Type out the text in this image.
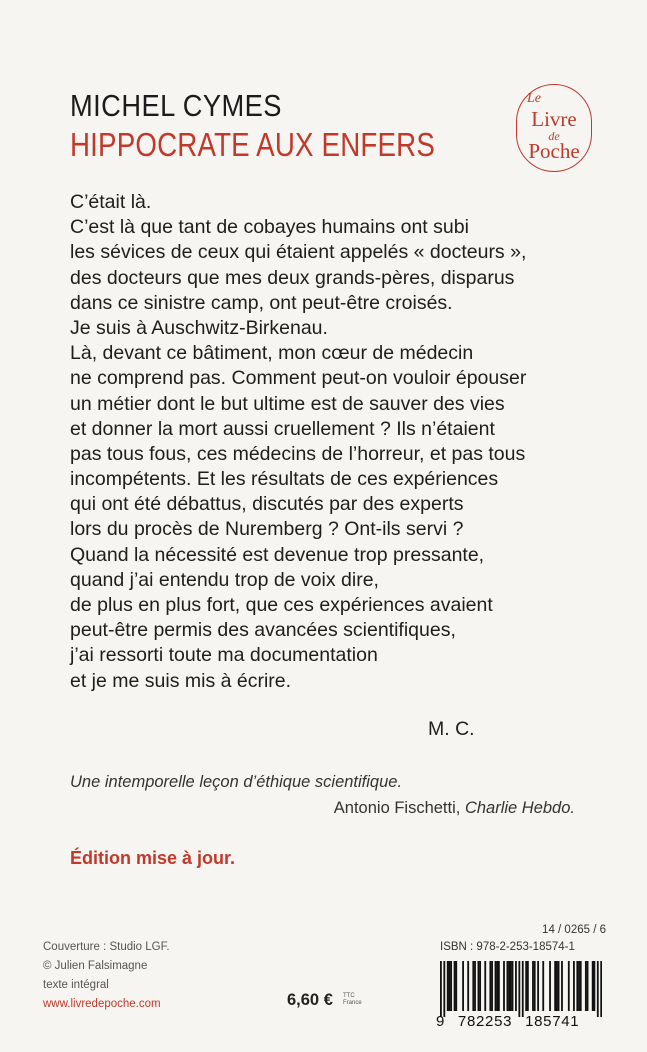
MICHEL CYMES
HIPPOCRATE AUX ENFERS
Le
Livre
de
Poche
C’était là.
C’est là que tant de cobayes humains ont subi
les sévices de ceux qui étaient appelés « docteurs »,
des docteurs que mes deux grands-pères, disparus
dans ce sinistre camp, ont peut-être croisés.
Je suis à Auschwitz-Birkenau.
Là, devant ce bâtiment, mon cœur de médecin
ne comprend pas. Comment peut-on vouloir épouser
un métier dont le but ultime est de sauver des vies
et donner la mort aussi cruellement ? Ils n’étaient
pas tous fous, ces médecins de l’horreur, et pas tous
incompétents. Et les résultats de ces expériences
qui ont été débattus, discutés par des experts
lors du procès de Nuremberg ? Ont-ils servi ?
Quand la nécessité est devenue trop pressante,
quand j’ai entendu trop de voix dire,
de plus en plus fort, que ces expériences avaient
peut-être permis des avancées scientifiques,
j’ai ressorti toute ma documentation
et je me suis mis à écrire.
M. C.
Une intemporelle leçon d’éthique scientifique.
Antonio Fischetti, Charlie Hebdo.
Édition mise à jour.
Couverture : Studio LGF.
© Julien Falsimagne
texte intégral
www.livredepoche.com	6,60 € TTC
France
14 / 0265 / 6
ISBN : 978-2-253-18574-1
9 782253 185741
